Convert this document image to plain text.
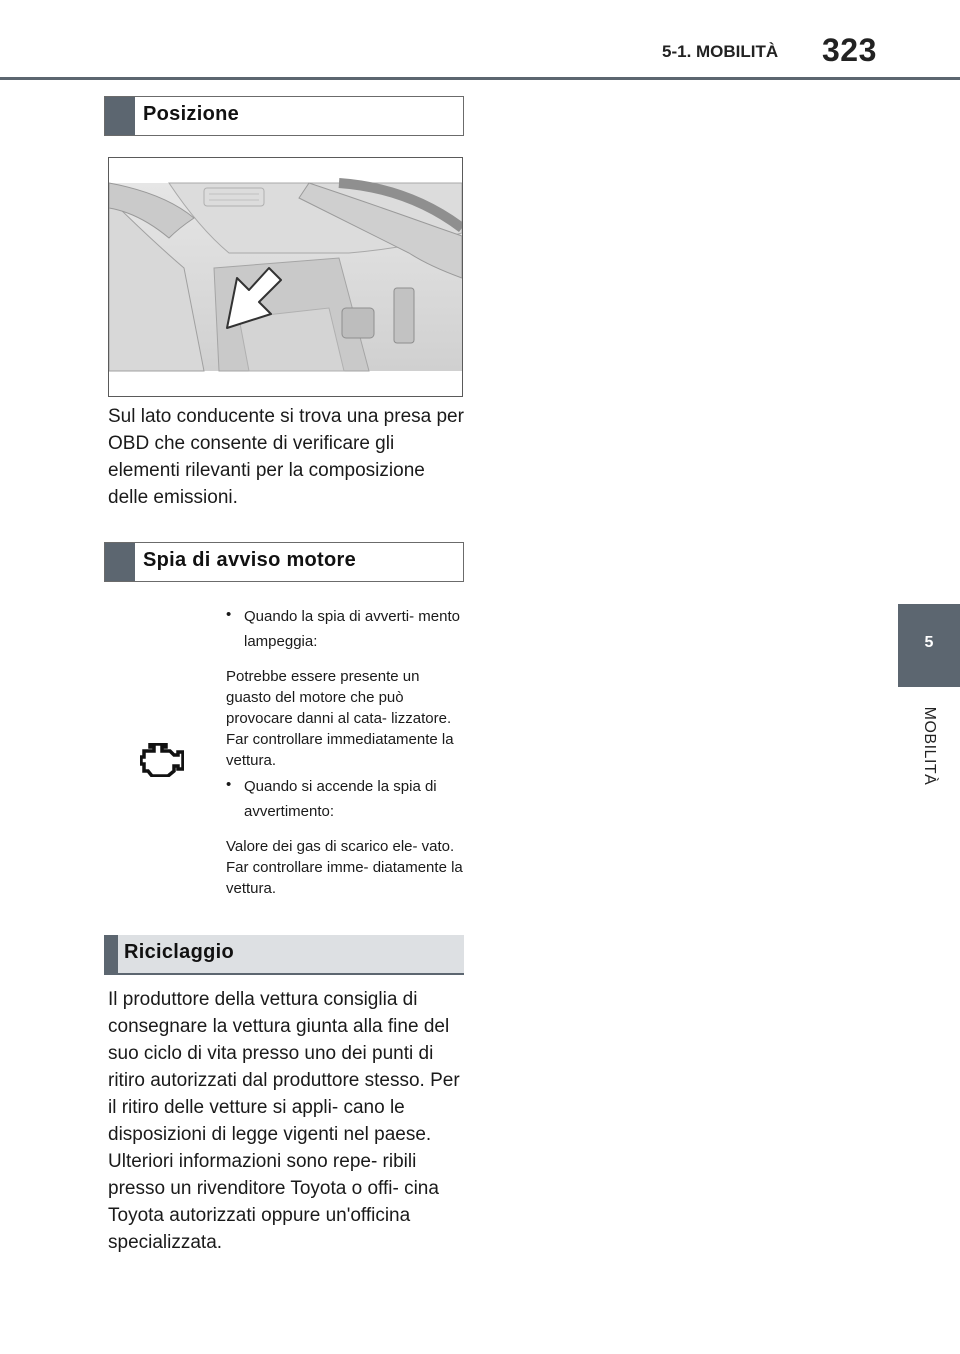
5-1. MOBILITÀ 323
5
MOBILITÀ
Posizione

Sul lato conducente si trova una presa per OBD che consente di verificare gli elementi rilevanti per la composizione delle emissioni.

Spia di avviso motore
• Quando la spia di avverti- mento lampeggia:
Potrebbe essere presente un guasto del motore che può provocare danni al cata- lizzatore. Far controllare immediatamente la vettura.
• Quando si accende la spia di avvertimento:
Valore dei gas di scarico ele- vato. Far controllare imme- diatamente la vettura.
Riciclaggio

Il produttore della vettura consiglia di consegnare la vettura giunta alla fine del suo ciclo di vita presso uno dei punti di ritiro autorizzati dal produttore stesso. Per il ritiro delle vetture si appli- cano le disposizioni di legge vigenti nel paese. Ulteriori informazioni sono repe- ribili presso un rivenditore Toyota o offi- cina Toyota autorizzati oppure un'officina specializzata.
